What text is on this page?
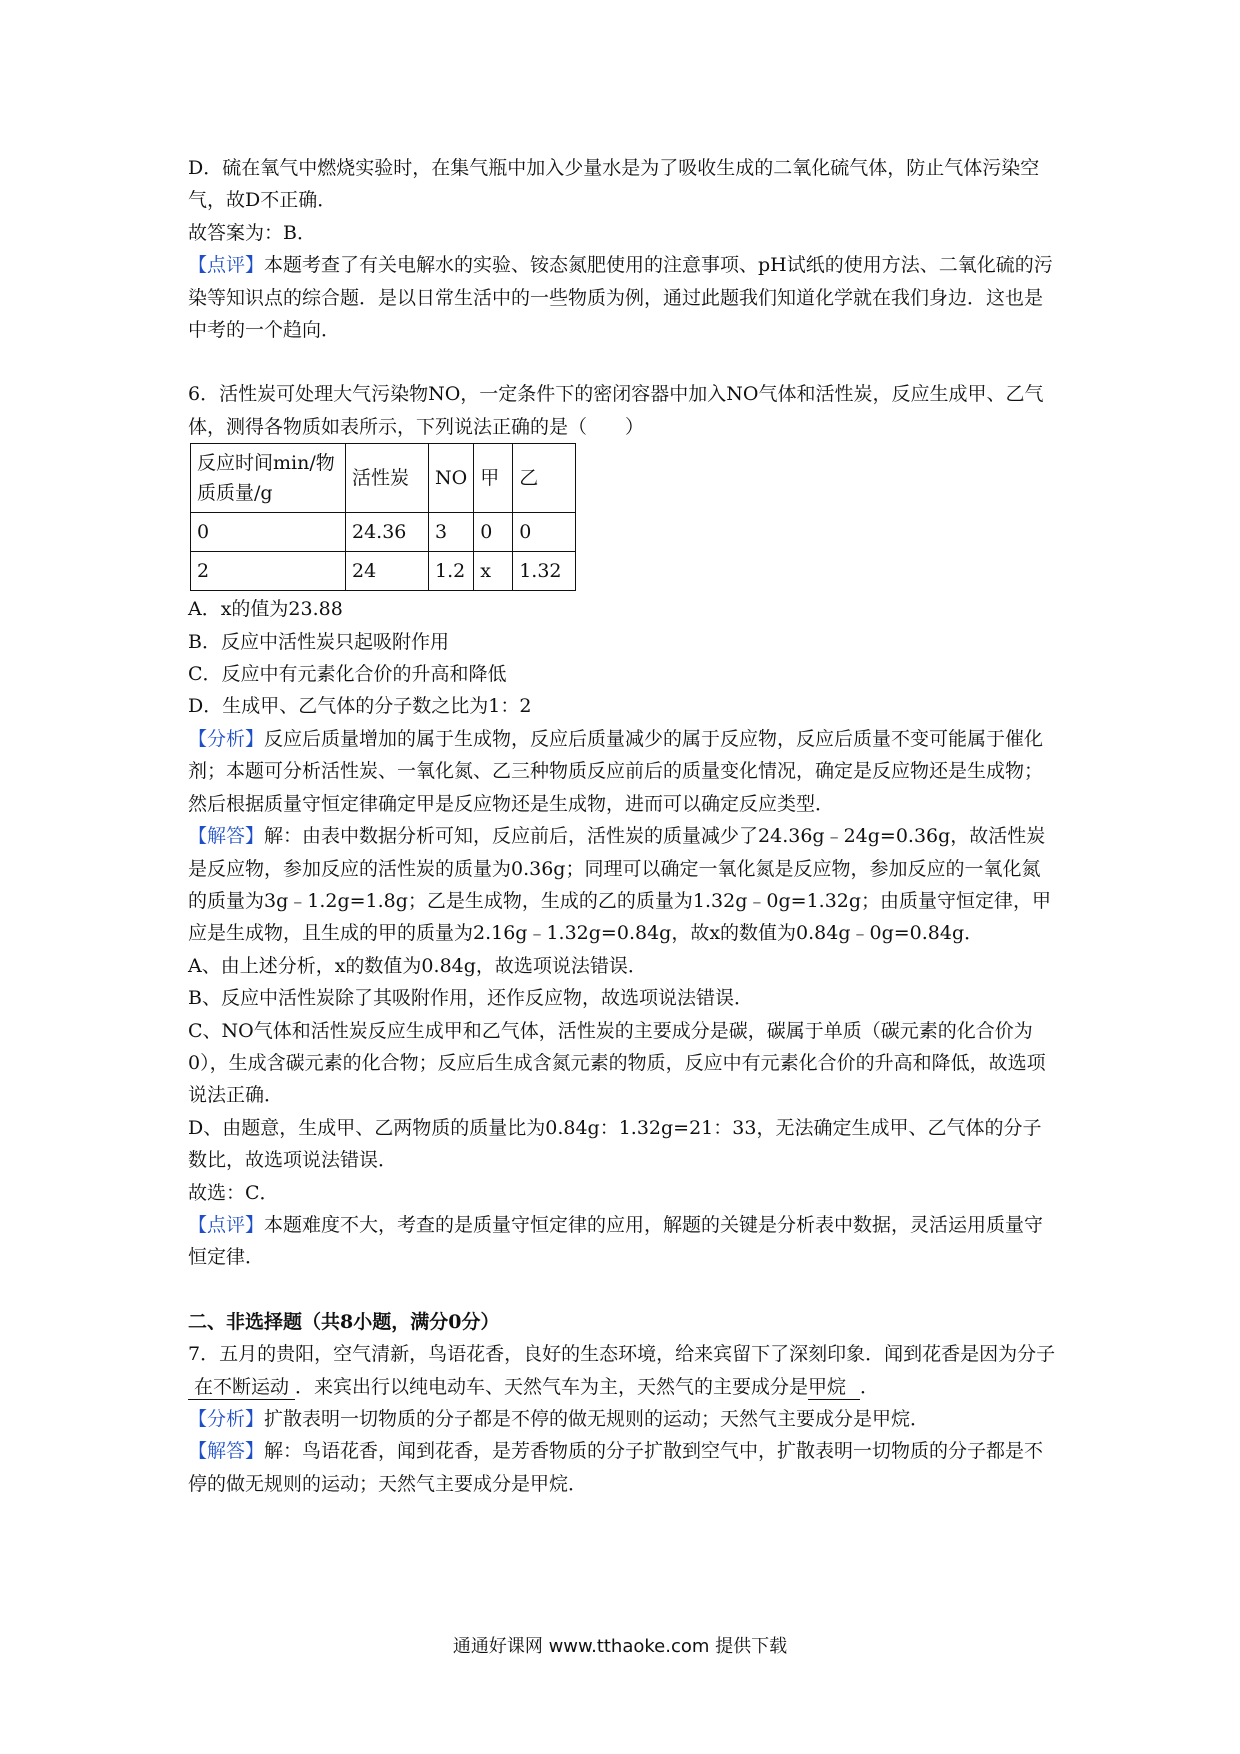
D．硫在氧气中燃烧实验时，在集气瓶中加入少量水是为了吸收生成的二氧化硫气体，防止气体污染空气，故D不正确．

故答案为：B．

【点评】本题考查了有关电解水的实验、铵态氮肥使用的注意事项、pH试纸的使用方法、二氧化硫的污染等知识点的综合题．是以日常生活中的一些物质为例，通过此题我们知道化学就在我们身边．这也是中考的一个趋向．

6．活性炭可处理大气污染物NO，一定条件下的密闭容器中加入NO气体和活性炭，反应生成甲、乙气体，测得各物质如表所示，下列说法正确的是（　　）

反应时间min/物质质量/g	活性炭	NO	甲	乙
0	24.36	3	0	0
2	24	1.2	x	1.32

A．x的值为23.88

B．反应中活性炭只起吸附作用

C．反应中有元素化合价的升高和降低

D．生成甲、乙气体的分子数之比为1：2

【分析】反应后质量增加的属于生成物，反应后质量减少的属于反应物，反应后质量不变可能属于催化剂；本题可分析活性炭、一氧化氮、乙三种物质反应前后的质量变化情况，确定是反应物还是生成物；然后根据质量守恒定律确定甲是反应物还是生成物，进而可以确定反应类型．

【解答】解：由表中数据分析可知，反应前后，活性炭的质量减少了24.36g﹣24g=0.36g，故活性炭是反应物，参加反应的活性炭的质量为0.36g；同理可以确定一氧化氮是反应物，参加反应的一氧化氮的质量为3g﹣1.2g=1.8g；乙是生成物，生成的乙的质量为1.32g﹣0g=1.32g；由质量守恒定律，甲应是生成物，且生成的甲的质量为2.16g﹣1.32g=0.84g，故x的数值为0.84g﹣0g=0.84g．

A、由上述分析，x的数值为0.84g，故选项说法错误．

B、反应中活性炭除了其吸附作用，还作反应物，故选项说法错误．

C、NO气体和活性炭反应生成甲和乙气体，活性炭的主要成分是碳，碳属于单质（碳元素的化合价为0），生成含碳元素的化合物；反应后生成含氮元素的物质，反应中有元素化合价的升高和降低，故选项说法正确．

D、由题意，生成甲、乙两物质的质量比为0.84g：1.32g=21：33，无法确定生成甲、乙气体的分子数比，故选项说法错误．

故选：C．

【点评】本题难度不大，考查的是质量守恒定律的应用，解题的关键是分析表中数据，灵活运用质量守恒定律．

二、非选择题（共8小题，满分0分）

7．五月的贵阳，空气清新，鸟语花香，良好的生态环境，给来宾留下了深刻印象．闻到花香是因为分子在不断运动 ．来宾出行以纯电动车、天然气车为主，天然气的主要成分是甲烷 ．

【分析】扩散表明一切物质的分子都是不停的做无规则的运动；天然气主要成分是甲烷．

【解答】解：鸟语花香，闻到花香，是芳香物质的分子扩散到空气中，扩散表明一切物质的分子都是不停的做无规则的运动；天然气主要成分是甲烷．

通通好课网 www.tthaoke.com 提供下载
